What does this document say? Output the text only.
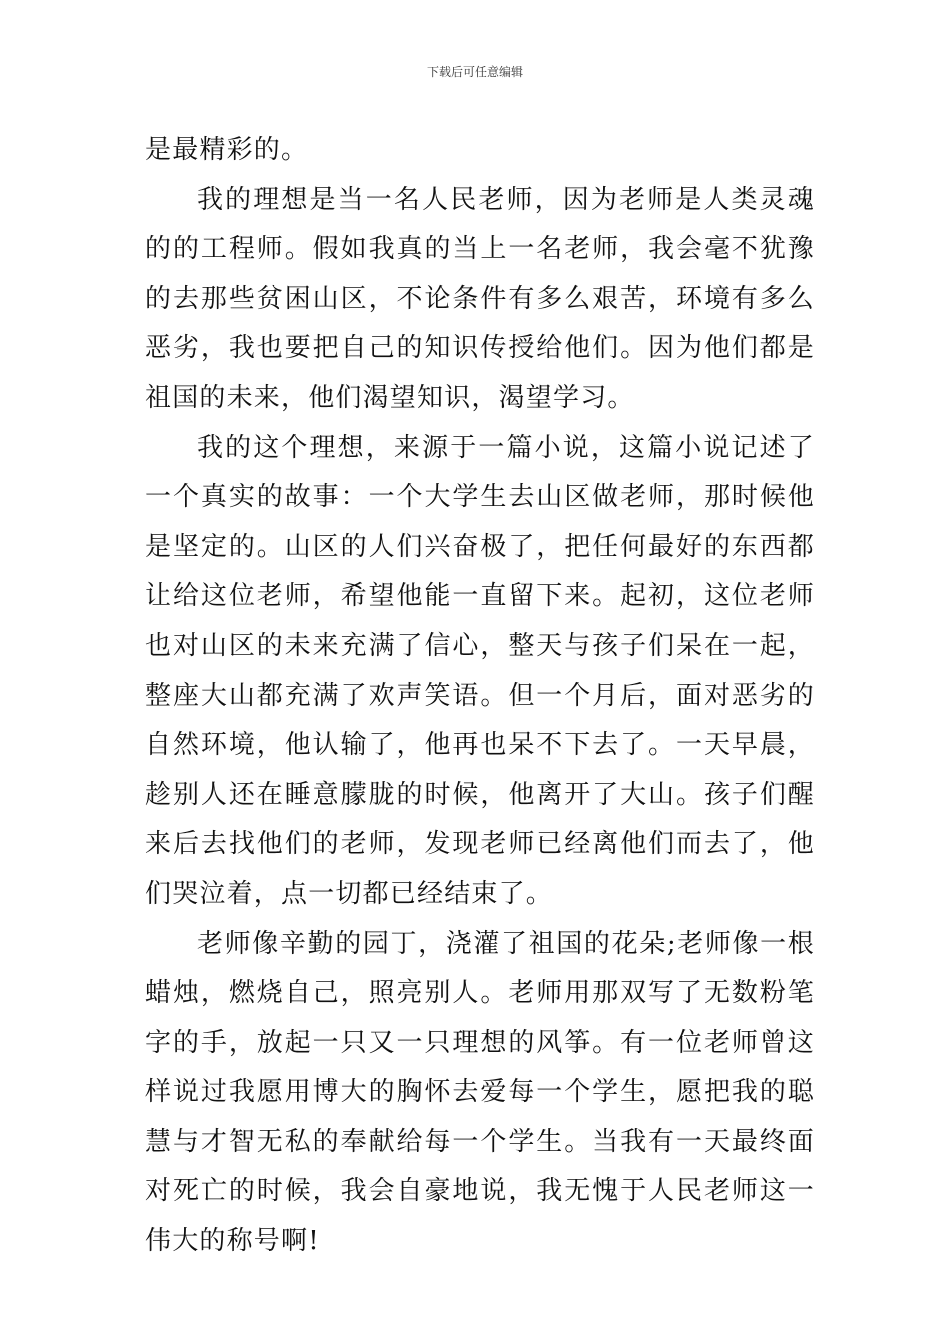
下载后可任意编辑

是最精彩的。

我的理想是当一名人民老师，因为老师是人类灵魂的的工程师。假如我真的当上一名老师，我会毫不犹豫的去那些贫困山区，不论条件有多么艰苦，环境有多么恶劣，我也要把自己的知识传授给他们。因为他们都是祖国的未来，他们渴望知识，渴望学习。

我的这个理想，来源于一篇小说，这篇小说记述了一个真实的故事：一个大学生去山区做老师，那时候他是坚定的。山区的人们兴奋极了，把任何最好的东西都让给这位老师，希望他能一直留下来。起初，这位老师也对山区的未来充满了信心，整天与孩子们呆在一起，整座大山都充满了欢声笑语。但一个月后，面对恶劣的自然环境，他认输了，他再也呆不下去了。一天早晨，趁别人还在睡意朦胧的时候，他离开了大山。孩子们醒来后去找他们的老师，发现老师已经离他们而去了，他们哭泣着，点一切都已经结束了。

老师像辛勤的园丁，浇灌了祖国的花朵;老师像一根蜡烛，燃烧自己，照亮别人。老师用那双写了无数粉笔字的手，放起一只又一只理想的风筝。有一位老师曾这样说过我愿用博大的胸怀去爱每一个学生，愿把我的聪慧与才智无私的奉献给每一个学生。当我有一天最终面对死亡的时候，我会自豪地说，我无愧于人民老师这一伟大的称号啊!
